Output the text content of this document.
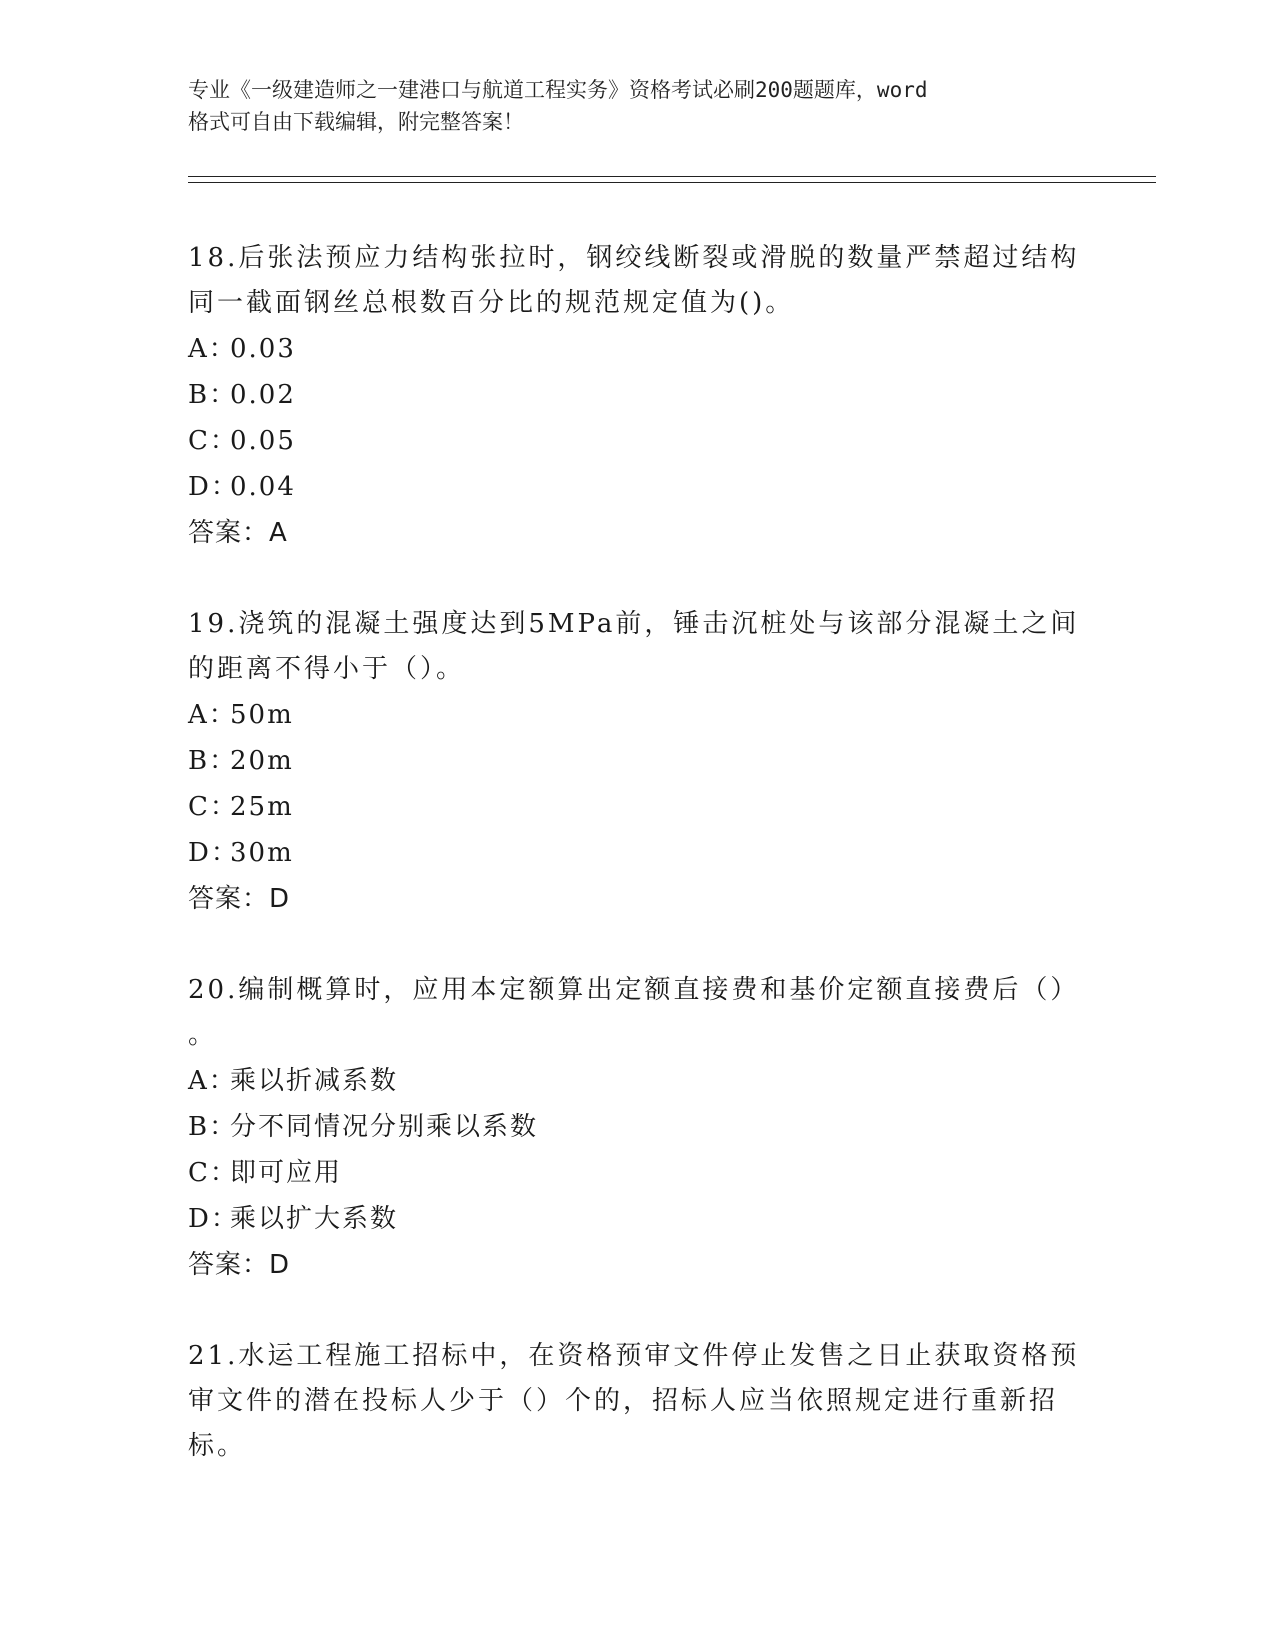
专业《一级建造师之一建港口与航道工程实务》资格考试必刷200题题库，word
格式可自由下载编辑，附完整答案！
18.后张法预应力结构张拉时，钢绞线断裂或滑脱的数量严禁超过结构
同一截面钢丝总根数百分比的规范规定值为()。
A：0.03
B：0.02
C：0.05
D：0.04
答案：A
19.浇筑的混凝土强度达到5MPa前，锤击沉桩处与该部分混凝土之间
的距离不得小于（）。
A：50m
B：20m
C：25m
D：30m
答案：D
20.编制概算时，应用本定额算出定额直接费和基价定额直接费后（）
。
A：乘以折减系数
B：分不同情况分别乘以系数
C：即可应用
D：乘以扩大系数
答案：D
21.水运工程施工招标中，在资格预审文件停止发售之日止获取资格预
审文件的潜在投标人少于（）个的，招标人应当依照规定进行重新招
标。
